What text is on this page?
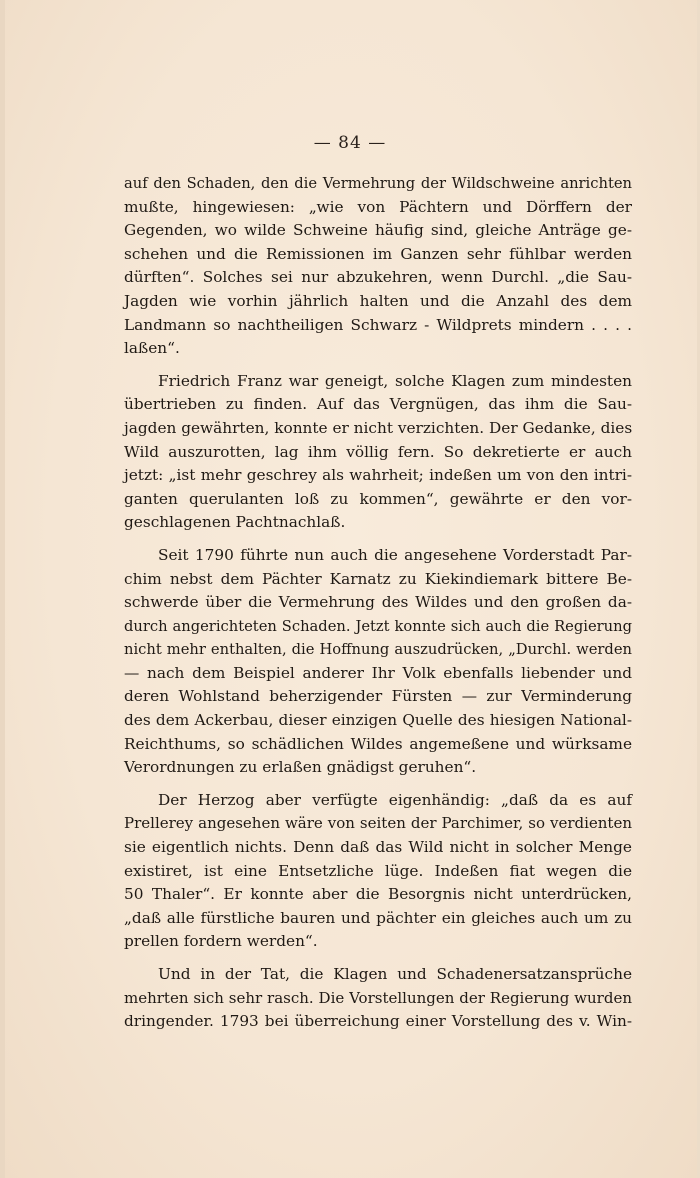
— 84 —
auf den Schaden, den die Vermehrung der Wildschweine anrichten
mußte, hingewiesen: „wie von Pächtern und Dörffern der
Gegenden, wo wilde Schweine häufig sind, gleiche Anträge ge-
schehen und die Remissionen im Ganzen sehr fühlbar werden
dürften“. Solches sei nur abzukehren, wenn Durchl. „die Sau-
Jagden wie vorhin jährlich halten und die Anzahl des dem
Landmann so nachtheiligen Schwarz - Wildprets mindern . . . .
laßen“.
Friedrich Franz war geneigt, solche Klagen zum mindesten
übertrieben zu finden. Auf das Vergnügen, das ihm die Sau-
jagden gewährten, konnte er nicht verzichten. Der Gedanke, dies
Wild auszurotten, lag ihm völlig fern. So dekretierte er auch
jetzt: „ist mehr geschrey als wahrheit; indeßen um von den intri-
ganten querulanten loß zu kommen“, gewährte er den vor-
geschlagenen Pachtnachlaß.
Seit 1790 führte nun auch die angesehene Vorderstadt Par-
chim nebst dem Pächter Karnatz zu Kiekindiemark bittere Be-
schwerde über die Vermehrung des Wildes und den großen da-
durch angerichteten Schaden. Jetzt konnte sich auch die Regierung
nicht mehr enthalten, die Hoffnung auszudrücken, „Durchl. werden
— nach dem Beispiel anderer Ihr Volk ebenfalls liebender und
deren Wohlstand beherzigender Fürsten — zur Verminderung
des dem Ackerbau, dieser einzigen Quelle des hiesigen National-
Reichthums, so schädlichen Wildes angemeßene und würksame
Verordnungen zu erlaßen gnädigst geruhen“.
Der Herzog aber verfügte eigenhändig: „daß da es auf
Prellerey angesehen wäre von seiten der Parchimer, so verdienten
sie eigentlich nichts. Denn daß das Wild nicht in solcher Menge
existiret, ist eine Entsetzliche lüge. Indeßen fiat wegen die
50 Thaler“. Er konnte aber die Besorgnis nicht unterdrücken,
„daß alle fürstliche bauren und pächter ein gleiches auch um zu
prellen fordern werden“.
Und in der Tat, die Klagen und Schadenersatzansprüche
mehrten sich sehr rasch. Die Vorstellungen der Regierung wurden
dringender. 1793 bei überreichung einer Vorstellung des v. Win-
